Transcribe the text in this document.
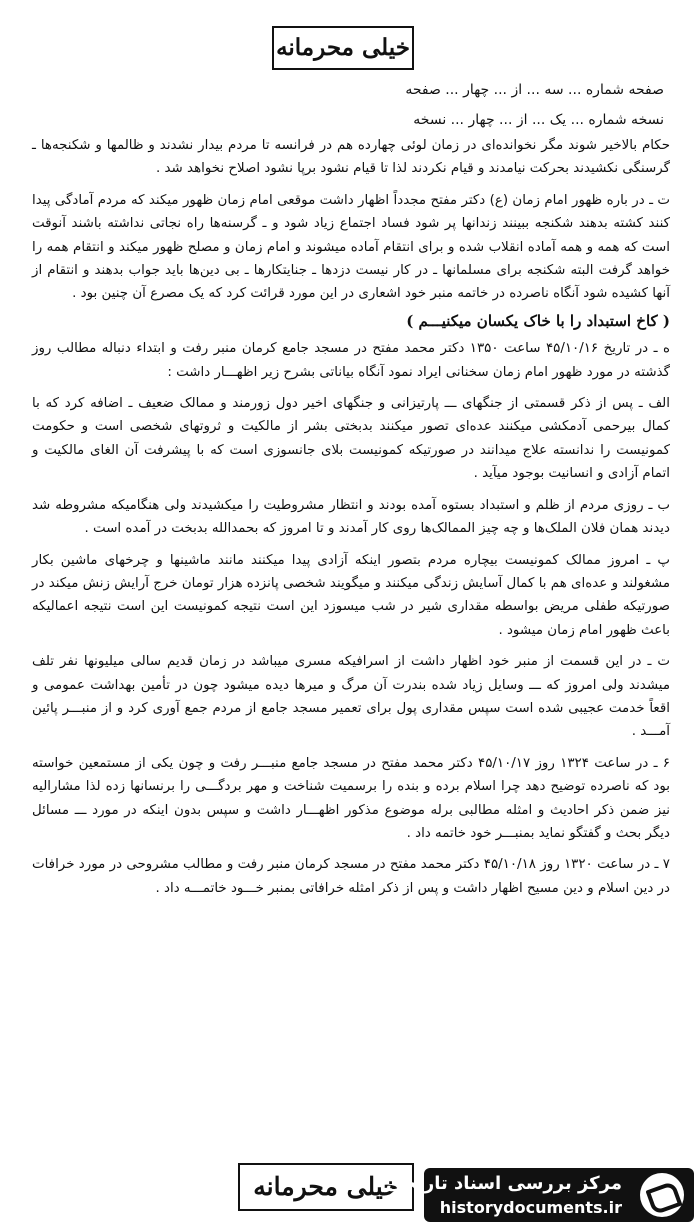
خیلی محرمانه
صفحه شماره ... سه ... از ... چهار ... صفحه
نسخه شماره ... یک ... از ... چهار ... نسخه

حکام بالاخیر شوند مگر نخوانده‌ای در زمان لوئی چهارده هم در فرانسه تا مردم بیدار نشدند و ظالمها و شکنجه‌ها ـ گرسنگی نکشیدند بحرکت نیامدند و قیام نکردند لذا تا قیام نشود برپا نشود اصلاح نخواهد شد .

ت ـ در باره ظهور امام زمان (ع) دکتر مفتح مجدداً اظهار داشت موقعی امام زمان ظهور میکند که مردم آمادگی پیدا کنند کشته بدهند شکنجه ببینند زندانها پر شود فساد اجتماع زیاد شود و ـ گرسنه‌ها راه نجاتی نداشته باشند آنوقت است که همه و همه آماده انقلاب شده و برای انتقام آماده میشوند و امام زمان و مصلح ظهور میکند و انتقام همه را خواهد گرفت البته شکنجه برای مسلمانها ـ در کار نیست دزدها ـ جنایتکارها ـ بی دین‌ها باید جواب بدهند و انتقام از آنها کشیده شود آنگاه ناصرده در خاتمه منبر خود اشعاری در این مورد قرائت کرد که یک مصرع آن چنین بود .

( کاخ استبداد را با خاک یکسان میکنیـــم )

ه ـ در تاریخ ۴۵/۱۰/۱۶ ساعت ۱۳۵۰ دکتر محمد مفتح در مسجد جامع کرمان منبر رفت و ابتداء دنباله مطالب روز گذشته در مورد ظهور امام زمان سخنانی ایراد نمود آنگاه بیاناتی بشرح زیر اظهـــار داشت :

الف ـ پس از ذکر قسمتی از جنگهای ـــ پارتیزانی و جنگهای اخیر دول زورمند و ممالک ضعیف ـ اضافه کرد که با کمال بیرحمی آدمکشی میکنند عده‌ای تصور میکنند بدبختی بشر از مالکیت و ثروتهای شخصی است و حکومت کمونیست را ندانسته علاج میدانند در صورتیکه کمونیست بلای جانسوزی است که با پیشرفت آن الغای مالکیت و اتمام آزادی و انسانیت بوجود میآید .

ب ـ روزی مردم از ظلم و استبداد بستوه آمده بودند و انتظار مشروطیت را میکشیدند ولی هنگامیکه مشروطه شد دیدند همان فلان الملک‌ها و چه چیز الممالک‌ها روی کار آمدند و تا امروز که بحمدالله بدبخت در آمده است .

پ ـ امروز ممالک کمونیست بیچاره مردم بتصور اینکه آزادی پیدا میکنند مانند ماشینها و چرخهای ماشین بکار مشغولند و عده‌ای هم با کمال آسایش زندگی میکنند و میگویند شخصی پانزده هزار تومان خرج آرایش زنش میکند در صورتیکه طفلی مریض بواسطه مقداری شیر در شب میسوزد این است نتیجه کمونیست این است نتیجه اعمالیکه باعث ظهور امام زمان میشود .

ت ـ در این قسمت از منبر خود اظهار داشت از اسرافیکه مسری میباشد در زمان قدیم سالی میلیونها نفر تلف میشدند ولی امروز که ـــ وسایل زیاد شده بندرت آن مرگ و میرها دیده میشود چون در تأمین بهداشت عمومی و اقعاً خدمت عجیبی شده است سپس مقداری پول برای تعمیر مسجد جامع از مردم جمع آوری کرد و از منبـــر پائین آمـــد .

۶ ـ در ساعت ۱۳۲۴ روز ۴۵/۱۰/۱۷ دکتر محمد مفتح در مسجد جامع منبـــر رفت و چون یکی از مستمعین خواسته بود که ناصرده توضیح دهد چرا اسلام برده و بنده را برسمیت شناخت و مهر بردگـــی را برنسانها زده لذا مشارالیه نیز ضمن ذکر احادیث و امثله مطالبی برله موضوع مذکور اظهـــار داشت و سپس بدون اینکه در مورد ـــ مسائل دیگر بحث و گفتگو نماید بمنبـــر خود خاتمه داد .

۷ ـ در ساعت ۱۳۲۰ روز ۴۵/۱۰/۱۸ دکتر محمد مفتح در مسجد کرمان منبر رفت و مطالب مشروحی در مورد خرافات در دین اسلام و دین مسیح اظهار داشت و پس از ذکر امثله خرافاتی بمنبر خـــود خاتمـــه داد .

خیلی محرمانه
مرکز بررسی اسناد تاریخی
historydocuments.ir
